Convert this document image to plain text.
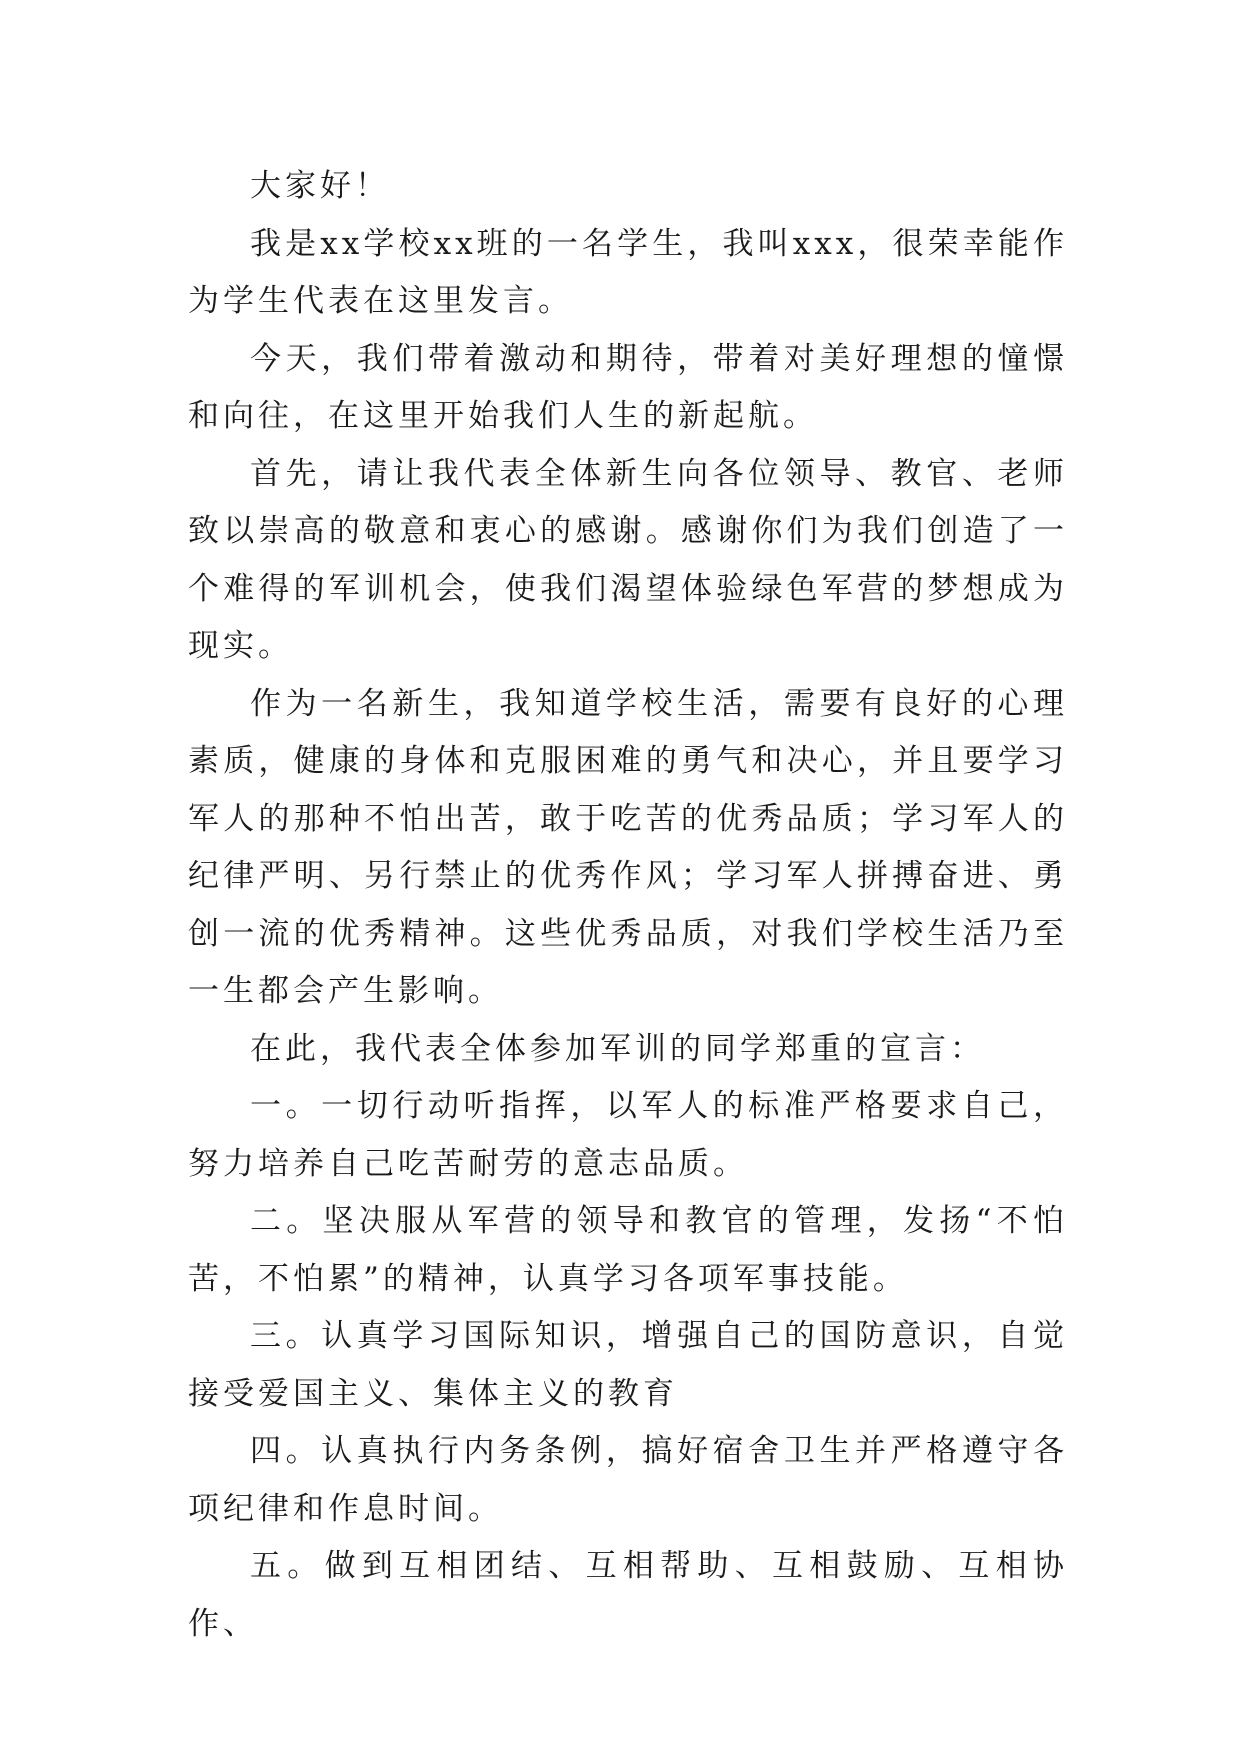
大家好！

我是xx学校xx班的一名学生，我叫xxx，很荣幸能作为学生代表在这里发言。

今天，我们带着激动和期待，带着对美好理想的憧憬和向往，在这里开始我们人生的新起航。

首先，请让我代表全体新生向各位领导、教官、老师致以崇高的敬意和衷心的感谢。感谢你们为我们创造了一个难得的军训机会，使我们渴望体验绿色军营的梦想成为现实。

作为一名新生，我知道学校生活，需要有良好的心理素质，健康的身体和克服困难的勇气和决心，并且要学习军人的那种不怕出苦，敢于吃苦的优秀品质；学习军人的纪律严明、另行禁止的优秀作风；学习军人拼搏奋进、勇创一流的优秀精神。这些优秀品质，对我们学校生活乃至一生都会产生影响。

在此，我代表全体参加军训的同学郑重的宣言：

一。一切行动听指挥，以军人的标准严格要求自己，努力培养自己吃苦耐劳的意志品质。

二。坚决服从军营的领导和教官的管理，发扬“不怕苦，不怕累”的精神，认真学习各项军事技能。

三。认真学习国际知识，增强自己的国防意识，自觉接受爱国主义、集体主义的教育

四。认真执行内务条例，搞好宿舍卫生并严格遵守各项纪律和作息时间。

五。做到互相团结、互相帮助、互相鼓励、互相协作、
